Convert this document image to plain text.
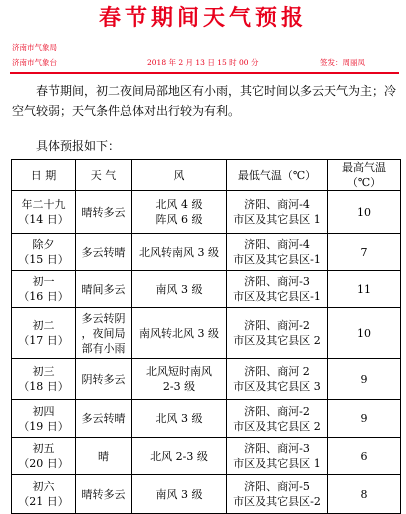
春节期间天气预报
济南市气象局
济南市气象台	2018 年 2 月 13 日 15 时 00 分	签发：周丽凤
春节期间，初二夜间局部地区有小雨，其它时间以多云天气为主；冷空气较弱；天气条件总体对出行较为有利。
具体预报如下：
日 期	天 气	风	最低气温（℃）	最高气温（℃）

年二十九
（14 日）	晴转多云	北风 4 级
阵风 6 级	济阳、商河-4
市区及其它县区 1	10

除夕
（15 日）	多云转晴	北风转南风 3 级	济阳、商河-4
市区及其它县区-1	7

初一
（16 日）	晴间多云	南风 3 级	济阳、商河-3
市区及其它县区-1	11

初二
（17 日）	多云转阴
，夜间局
部有小雨	南风转北风 3 级	济阳、商河-2
市区及其它县区 2	10

初三
（18 日）	阴转多云	北风短时南风
2-3 级	济阳、商河 2
市区及其它县区 3	9

初四
（19 日）	多云转晴	北风 3 级	济阳、商河-2
市区及其它县区 2	9

初五
（20 日）	晴	北风 2-3 级	济阳、商河-3
市区及其它县区 1	6

初六
（21 日）	晴转多云	南风 3 级	济阳、商河-5
市区及其它县区-2	8
